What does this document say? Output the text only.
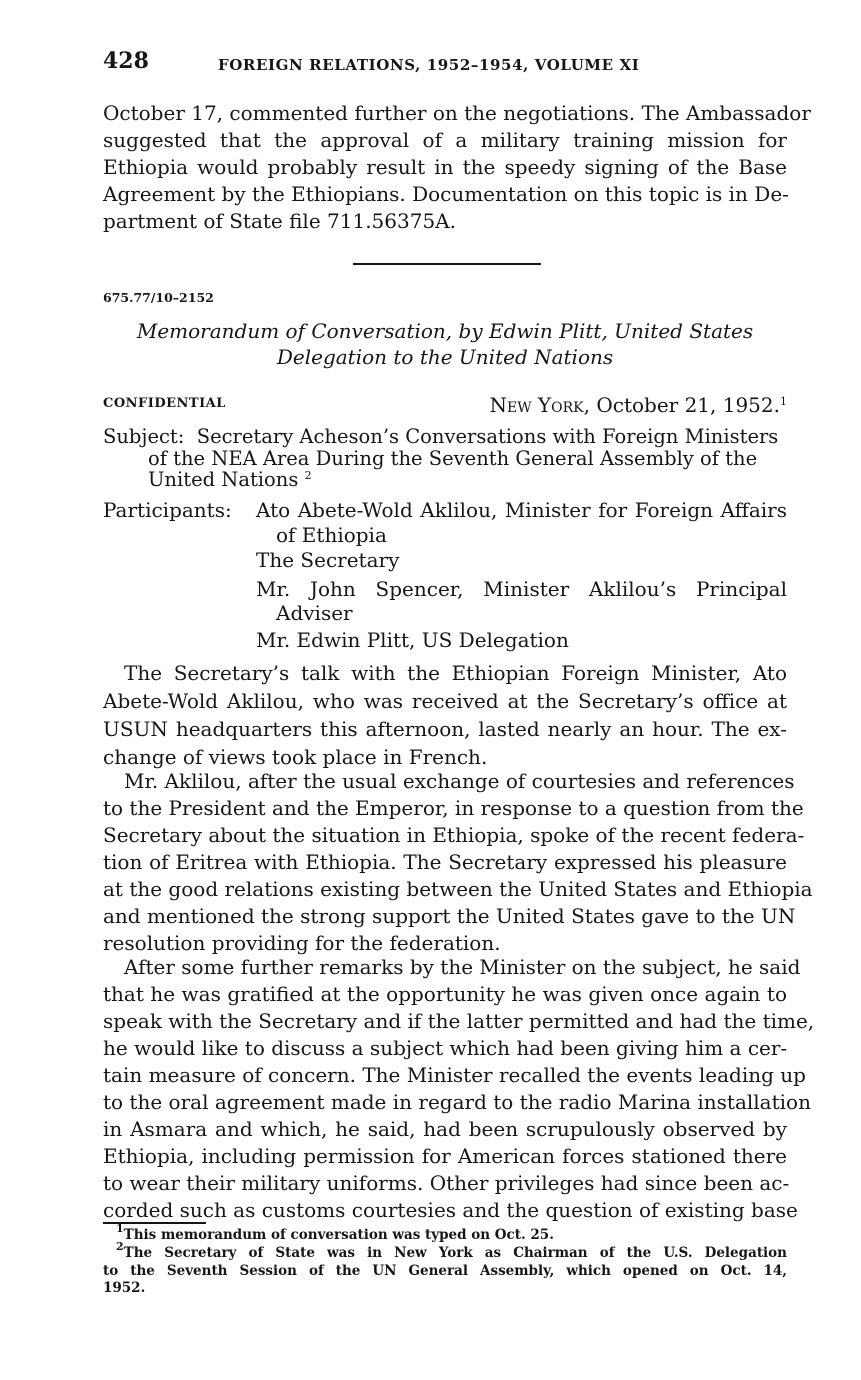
428	FOREIGN RELATIONS, 1952–1954, VOLUME XI
October 17, commented further on the negotiations. The Ambassador
suggested that the approval of a military training mission for
Ethiopia would probably result in the speedy signing of the Base
Agreement by the Ethiopians. Documentation on this topic is in De-
partment of State file 711.56375A.
675.77/10–2152
Memorandum of Conversation, by Edwin Plitt, United States
Delegation to the United Nations
CONFIDENTIAL	New York, October 21, 1952.$^1$
Subject: Secretary Acheson’s Conversations with Foreign Ministers
of the NEA Area During the Seventh General Assembly of the
United Nations $^2$
Participants: Ato Abete-Wold Aklilou, Minister for Foreign Affairs
of Ethiopia
The Secretary
Mr. John Spencer, Minister Aklilou’s Principal
Adviser
Mr. Edwin Plitt, US Delegation
The Secretary’s talk with the Ethiopian Foreign Minister, Ato
Abete-Wold Aklilou, who was received at the Secretary’s office at
USUN headquarters this afternoon, lasted nearly an hour. The ex-
change of views took place in French.
Mr. Aklilou, after the usual exchange of courtesies and references
to the President and the Emperor, in response to a question from the
Secretary about the situation in Ethiopia, spoke of the recent federa-
tion of Eritrea with Ethiopia. The Secretary expressed his pleasure
at the good relations existing between the United States and Ethiopia
and mentioned the strong support the United States gave to the UN
resolution providing for the federation.
After some further remarks by the Minister on the subject, he said
that he was gratified at the opportunity he was given once again to
speak with the Secretary and if the latter permitted and had the time,
he would like to discuss a subject which had been giving him a cer-
tain measure of concern. The Minister recalled the events leading up
to the oral agreement made in regard to the radio Marina installation
in Asmara and which, he said, had been scrupulously observed by
Ethiopia, including permission for American forces stationed there
to wear their military uniforms. Other privileges had since been ac-
corded such as customs courtesies and the question of existing base
$^1$This memorandum of conversation was typed on Oct. 25.
$^2$The Secretary of State was in New York as Chairman of the U.S. Delegation
to the Seventh Session of the UN General Assembly, which opened on Oct. 14,
1952.
